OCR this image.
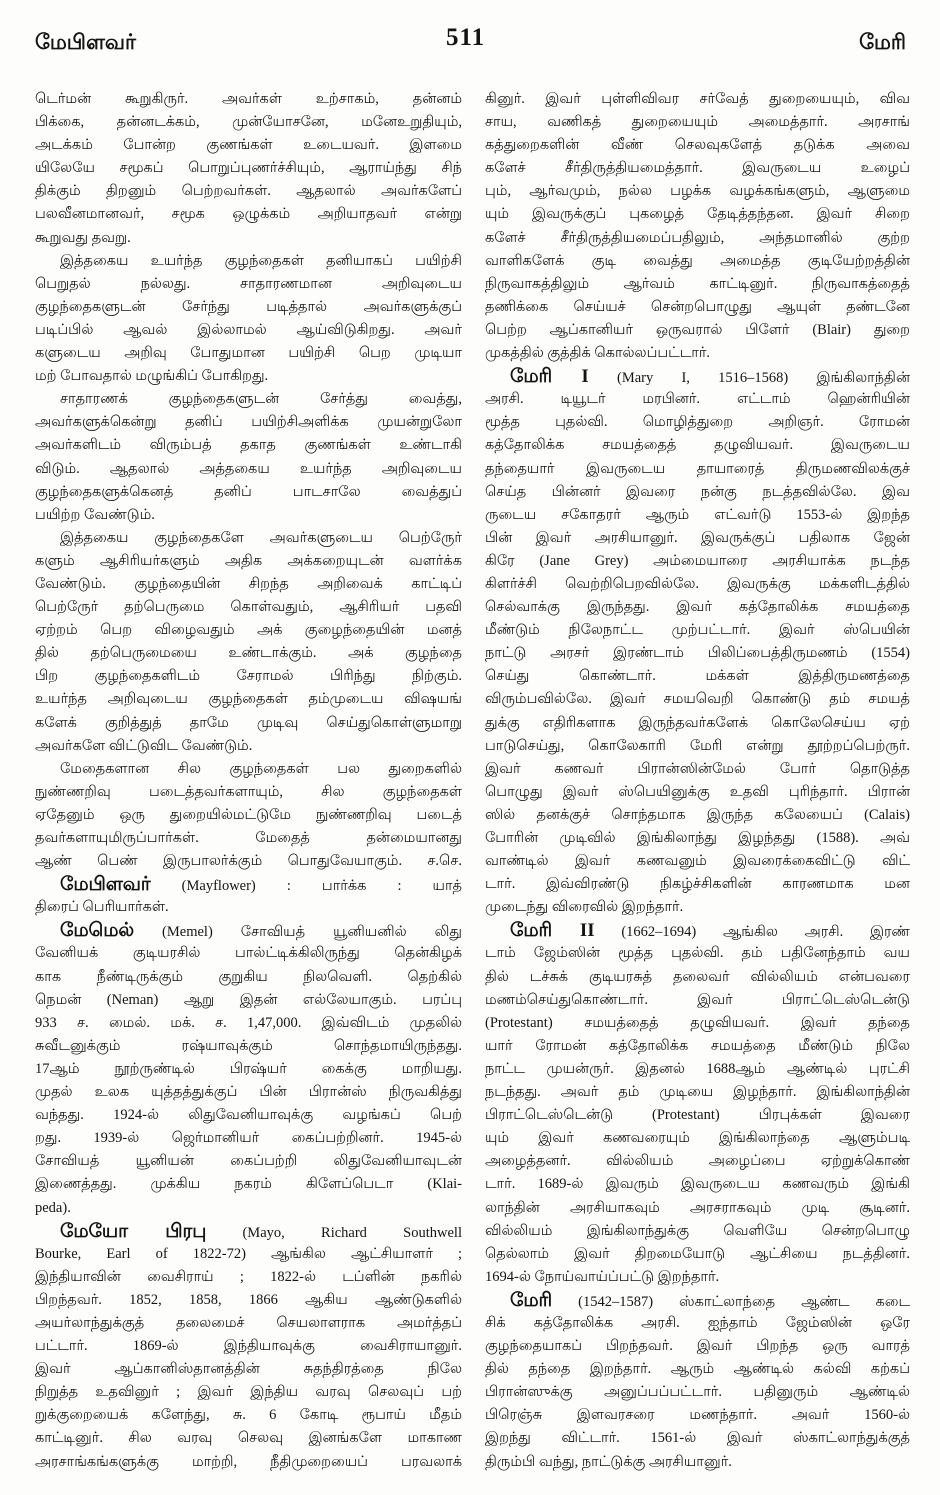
மேபிளவர்	511	மேரி
டெர்மன் கூறுகிருர். அவர்கள் உற்சாகம், தன்னம்
பிக்கை, தன்னடக்கம், முன்யோசனே, மனேஉறுதியும்,
அடக்கம் போன்ற குணங்கள் உடையவர். இளமை
யிலேயே சமூகப் பொறுப்புணர்ச்சியும், ஆராய்ந்து சிந்
திக்கும் திறனும் பெற்றவர்கள். ஆதலால் அவர்களேப்
பலவீனமானவர், சமூக ஒழுக்கம் அறியாதவர் என்று
கூறுவது தவறு.
இத்தகைய உயர்ந்த குழந்தைகள் தனியாகப் பயிற்சி
பெறுதல் நல்லது. சாதாரணமான அறிவுடைய
குழந்தைகளுடன் சேர்ந்து படித்தால் அவர்களுக்குப்
படிப்பில் ஆவல் இல்லாமல் ஆய்விடுகிறது. அவர்
களுடைய அறிவு போதுமான பயிற்சி பெற முடியா
மற் போவதால் மழுங்கிப் போகிறது.
சாதாரணக் குழந்தைகளுடன் சேர்த்து வைத்து,
அவர்களுக்கென்று தனிப் பயிற்சிஅளிக்க முயன்றுலோ
அவர்களிடம் விரும்பத் தகாத குணங்கள் உண்டாகி
விடும். ஆதலால் அத்தகைய உயர்ந்த அறிவுடைய
குழந்தைகளுக்கெனத் தனிப் பாடசாலே வைத்துப்
பயிற்ற வேண்டும்.
இத்தகைய குழந்தைகளே அவர்களுடைய பெற்ருேர்
களும் ஆசிரியர்களும் அதிக அக்கறையுடன் வளர்க்க
வேண்டும். குழந்தையின் சிறந்த அறிவைக் காட்டிப்
பெற்ருேர் தற்பெருமை கொள்வதும், ஆசிரியர் பதவி
ஏற்றம் பெற விழைவதும் அக் குழைந்தையின் மனத்
தில் தற்பெருமையை உண்டாக்கும். அக் குழந்தை
பிற குழந்தைகளிடம் சேராமல் பிரிந்து நிற்கும்.
உயர்ந்த அறிவுடைய குழந்தைகள் தம்முடைய விஷயங்
களேக் குறித்துத் தாமே முடிவு செய்துகொள்ளுமாறு
அவர்களே விட்டுவிட வேண்டும்.
மேதைகளான சில குழந்தைகள் பல துறைகளில்
நுண்ணறிவு படைத்தவர்களாயும், சில குழந்தைகள்
ஏதேனும் ஒரு துறையில்மட்டுமே நுண்ணறிவு படைத்
தவர்களாயுமிருப்பார்கள். மேதைத் தன்மையானது
ஆண் பெண் இருபாலர்க்கும் பொதுவேயாகும். ச.செ.
மேபிளவர் (Mayflower) : பார்க்க : யாத்
திரைப் பெரியார்கள்.
மேமெல் (Memel) சோவியத் யூனியனில் லிது
வேனியக் குடியரசில் பால்ட்டிக்கிலிருந்து தென்கிழக்
காக நீண்டிருக்கும் குறுகிய நிலவெளி. தெற்கில்
நெமன் (Neman) ஆறு இதன் எல்லேயாகும். பரப்பு
933 ச. மைல். மக். ச. 1,47,000. இவ்விடம் முதலில்
சுவீடனுக்கும் ரஷ்யாவுக்கும் சொந்தமாயிருந்தது.
17ஆம் நூற்ருண்டில் பிரஷ்யர் கைக்கு மாறியது.
முதல் உலக யுத்தத்துக்குப் பின் பிரான்ஸ் நிருவகித்து
வந்தது. 1924-ல் லிதுவேனியாவுக்கு வழங்கப் பெற்
றது. 1939-ல் ஜெர்மானியர் கைப்பற்றினர். 1945-ல்
சோவியத் யூனியன் கைப்பற்றி லிதுவேனியாவுடன்
இணைத்தது. முக்கிய நகரம் கிளேப்பெடா (Klai-
peda).
மேயோ பிரபு (Mayo, Richard Southwell
Bourke, Earl of 1822-72) ஆங்கில ஆட்சியாளர் ;
இந்தியாவின் வைசிராய் ; 1822-ல் டப்ளின் நகரில்
பிறந்தவர். 1852, 1858, 1866 ஆகிய ஆண்டுகளில்
அயர்லாந்துக்குத் தலைமைச் செயலாளராக அமர்த்தப்
பட்டார். 1869-ல் இந்தியாவுக்கு வைசிராயானுர்.
இவர் ஆப்கானிஸ்தானத்தின் சுதந்திரத்தை நிலே
நிறுத்த உதவினுர் ; இவர் இந்திய வரவு செலவுப் பற்
றுக்குறையைக் களேந்து, சு. 6 கோடி ரூபாய் மீதம்
காட்டினுர். சில வரவு செலவு இனங்களே மாகாண
அரசாங்கங்களுக்கு மாற்றி, நீதிமுறையைப் பரவலாக்
கினுர். இவர் புள்ளிவிவர சர்வேத் துறையையும், விவ
சாய, வணிகத் துறையையும் அமைத்தார். அரசாங்
கத்துறைகளின் வீண் செலவுகளேத் தடுக்க அவை
களேச் சீர்திருத்தியமைத்தார். இவருடைய உழைப்
பும், ஆர்வமும், நல்ல பழக்க வழக்கங்களும், ஆளுமை
யும் இவருக்குப் புகழைத் தேடித்தந்தன. இவர் சிறை
களேச் சீர்திருத்தியமைப்பதிலும், அந்தமானில் குற்ற
வாளிகளேக் குடி வைத்து அமைத்த குடியேற்றத்தின்
நிருவாகத்திலும் ஆர்வம் காட்டினுர். நிருவாகத்தைத்
தணிக்கை செய்யச் சென்றபொழுது ஆயுள் தண்டனே
பெற்ற ஆப்கானியர் ஒருவரால் பிளேர் (Blair) துறை
முகத்தில் குத்திக் கொல்லப்பட்டார்.
மேரி I (Mary I, 1516–1568) இங்கிலாந்தின்
அரசி. டியூடர் மரபினர். எட்டாம் ஹென்ரியின்
மூத்த புதல்வி. மொழித்துறை அறிஞர். ரோமன்
கத்தோலிக்க சமயத்தைத் தழுவியவர். இவருடைய
தந்தையார் இவருடைய தாயாரைத் திருமணவிலக்குச்
செய்த பின்னர் இவரை நன்கு நடத்தவில்லே. இவ
ருடைய சகோதரர் ஆரும் எட்வர்டு 1553-ல் இறந்த
பின் இவர் அரசியானுர். இவருக்குப் பதிலாக ஜேன்
கிரே (Jane Grey) அம்மையாரை அரசியாக்க நடந்த
கிளர்ச்சி வெற்றிபெறவில்லே. இவருக்கு மக்களிடத்தில்
செல்வாக்கு இருந்தது. இவர் கத்தோலிக்க சமயத்தை
மீண்டும் நிலேநாட்ட முற்பட்டார். இவர் ஸ்பெயின்
நாட்டு அரசர் இரண்டாம் பிலிப்பைத்திருமணம் (1554)
செய்து கொண்டார். மக்கள் இத்திருமணத்தை
விரும்பவில்லே. இவர் சமயவெறி கொண்டு தம் சமயத்
துக்கு எதிரிகளாக இருந்தவர்களேக் கொலேசெய்ய ஏற்
பாடுசெய்து, கொலேகாரி மேரி என்று தூற்றப்பெற்ருர்.
இவர் கணவர் பிரான்ஸின்மேல் போர் தொடுத்த
பொழுது இவர் ஸ்பெயினுக்கு உதவி புரிந்தார். பிரான்
ஸில் தனக்குச் சொந்தமாக இருந்த கலேயைப் (Calais)
போரின் முடிவில் இங்கிலாந்து இழந்தது (1588). அவ்
வாண்டில் இவர் கணவனும் இவரைக்கைவிட்டு விட்
டார். இவ்விரண்டு நிகழ்ச்சிகளின் காரணமாக மன
முடைந்து விரைவில் இறந்தார்.
மேரி II (1662–1694) ஆங்கில அரசி. இரண்
டாம் ஜேம்ஸின் மூத்த புதல்வி. தம் பதினேந்தாம் வய
தில் டச்சுக் குடியரசுத் தலைவர் வில்லியம் என்பவரை
மணம்செய்துகொண்டார். இவர் பிராட்டெஸ்டென்டு
(Protestant) சமயத்தைத் தழுவியவர். இவர் தந்தை
யார் ரோமன் கத்தோலிக்க சமயத்தை மீண்டும் நிலே
நாட்ட முயன்ருர். இதனல் 1688ஆம் ஆண்டில் புரட்சி
நடந்தது. அவர் தம் முடியை இழந்தார். இங்கிலாந்தின்
பிராட்டெஸ்டென்டு (Protestant) பிரபுக்கள் இவரை
யும் இவர் கணவரையும் இங்கிலாந்தை ஆளும்படி
அழைத்தனர். வில்லியம் அழைப்பை ஏற்றுக்கொண்
டார். 1689-ல் இவரும் இவருடைய கணவரும் இங்கி
லாந்தின் அரசியாகவும் அரசராகவும் முடி சூடினர்.
வில்லியம் இங்கிலாந்துக்கு வெளியே சென்றபொழு
தெல்லாம் இவர் திறமையோடு ஆட்சியை நடத்தினர்.
1694-ல் நோய்வாய்ப்பட்டு இறந்தார்.
மேரி (1542–1587) ஸ்காட்லாந்தை ஆண்ட கடை
சிக் கத்தோலிக்க அரசி. ஐந்தாம் ஜேம்ஸின் ஒரே
குழந்தையாகப் பிறந்தவர். இவர் பிறந்த ஒரு வாரத்
தில் தந்தை இறந்தார். ஆரும் ஆண்டில் கல்வி கற்கப்
பிரான்ஸுக்கு அனுப்பப்பட்டார். பதினுரும் ஆண்டில்
பிரெஞ்சு இளவரசரை மணந்தார். அவர் 1560-ல்
இறந்து விட்டார். 1561-ல் இவர் ஸ்காட்லாந்துக்குத்
திரும்பி வந்து, நாட்டுக்கு அரசியானுர்.
